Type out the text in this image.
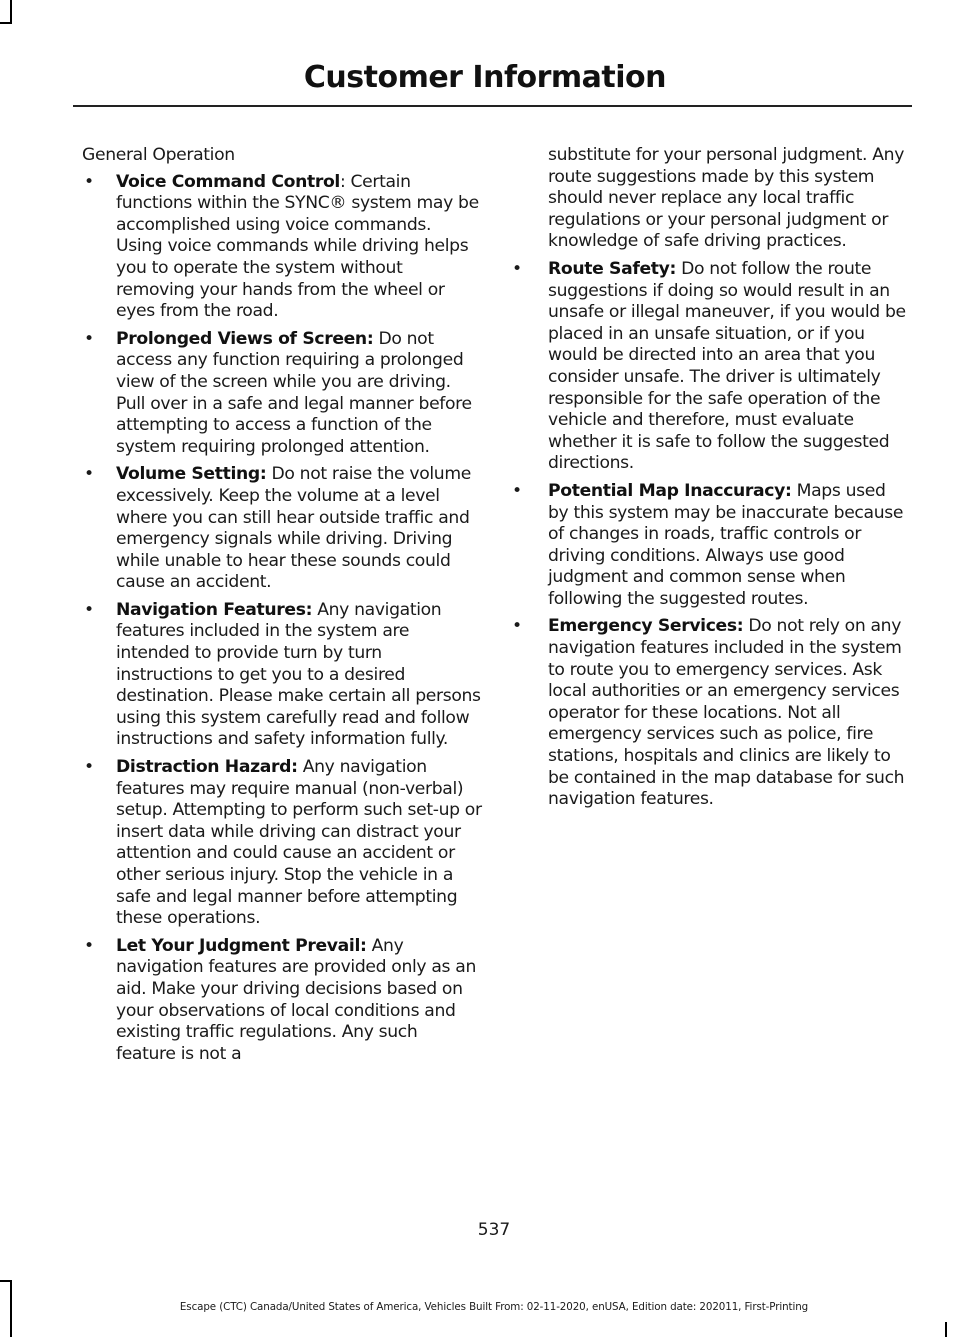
Customer Information
General Operation
• Voice Command Control: Certain functions within the SYNC® system may be accomplished using voice commands. Using voice commands while driving helps you to operate the system without removing your hands from the wheel or eyes from the road.
• Prolonged Views of Screen: Do not access any function requiring a prolonged view of the screen while you are driving. Pull over in a safe and legal manner before attempting to access a function of the system requiring prolonged attention.
• Volume Setting: Do not raise the volume excessively. Keep the volume at a level where you can still hear outside traffic and emergency signals while driving. Driving while unable to hear these sounds could cause an accident.
• Navigation Features: Any navigation features included in the system are intended to provide turn by turn instructions to get you to a desired destination. Please make certain all persons using this system carefully read and follow instructions and safety information fully.
• Distraction Hazard: Any navigation features may require manual (non-verbal) setup. Attempting to perform such set-up or insert data while driving can distract your attention and could cause an accident or other serious injury. Stop the vehicle in a safe and legal manner before attempting these operations.
• Let Your Judgment Prevail: Any navigation features are provided only as an aid. Make your driving decisions based on your observations of local conditions and existing traffic regulations. Any such feature is not a
substitute for your personal judgment. Any route suggestions made by this system should never replace any local traffic regulations or your personal judgment or knowledge of safe driving practices.
• Route Safety: Do not follow the route suggestions if doing so would result in an unsafe or illegal maneuver, if you would be placed in an unsafe situation, or if you would be directed into an area that you consider unsafe. The driver is ultimately responsible for the safe operation of the vehicle and therefore, must evaluate whether it is safe to follow the suggested directions.
• Potential Map Inaccuracy: Maps used by this system may be inaccurate because of changes in roads, traffic controls or driving conditions. Always use good judgment and common sense when following the suggested routes.
• Emergency Services: Do not rely on any navigation features included in the system to route you to emergency services. Ask local authorities or an emergency services operator for these locations. Not all emergency services such as police, fire stations, hospitals and clinics are likely to be contained in the map database for such navigation features.
537
Escape (CTC) Canada/United States of America, Vehicles Built From: 02-11-2020, enUSA, Edition date: 202011, First-Printing
